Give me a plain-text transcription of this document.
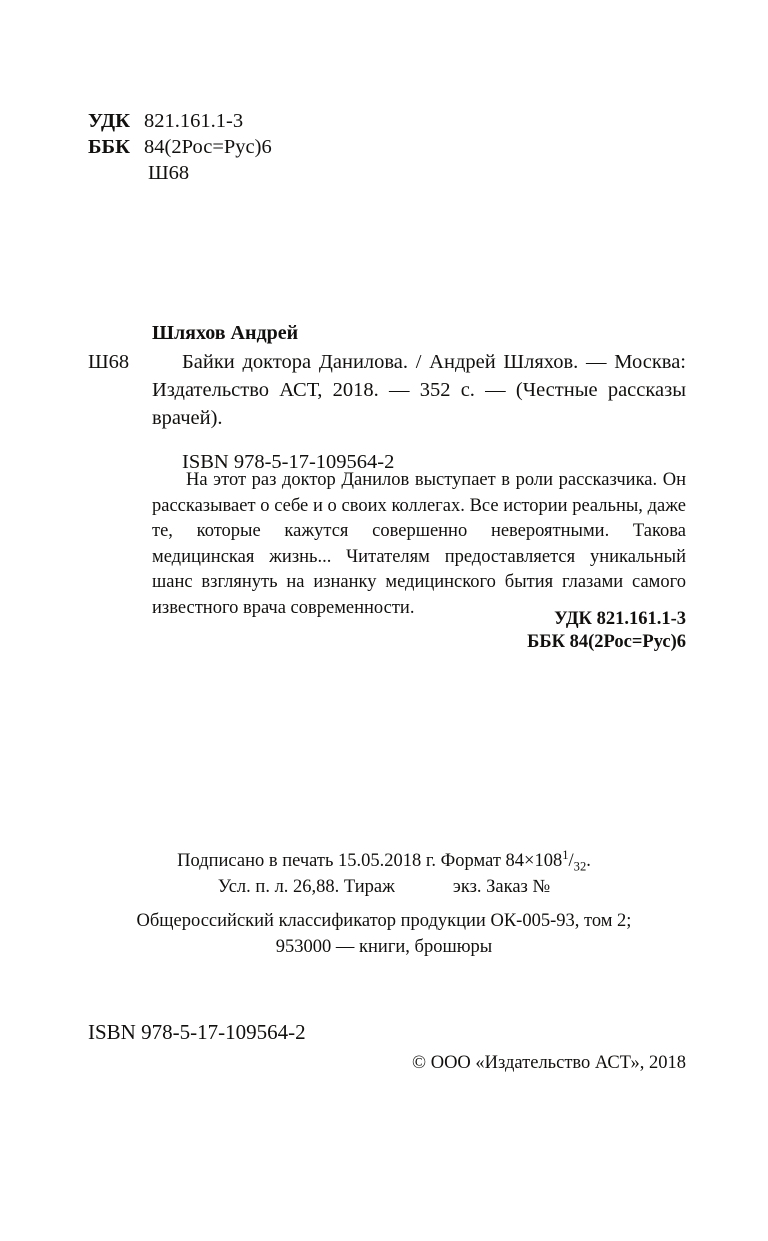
УДК 821.161.1-3
ББК 84(2Рос=Рус)6
Ш68
Шляхов Андрей
Ш68	Байки доктора Данилова. / Андрей Шляхов. — Москва: Издательство АСТ, 2018. — 352 с. — (Честные рассказы врачей).
ISBN 978-5-17-109564-2
На этот раз доктор Данилов выступает в роли рассказчика. Он рассказывает о себе и о своих коллегах. Все истории реальны, даже те, которые кажутся совершенно невероятными. Такова медицинская жизнь... Читателям предоставляется уникальный шанс взглянуть на изнанку медицинского бытия глазами самого известного врача современности.
УДК 821.161.1-3
ББК 84(2Рос=Рус)6
Подписано в печать 15.05.2018 г. Формат $84\times 108^1/_{32}$.
Усл. п. л. 26,88. Тираж	экз. Заказ №
Общероссийский классификатор продукции ОК-005-93, том 2;
953000 — книги, брошюры
ISBN 978-5-17-109564-2
© ООО «Издательство АСТ», 2018
